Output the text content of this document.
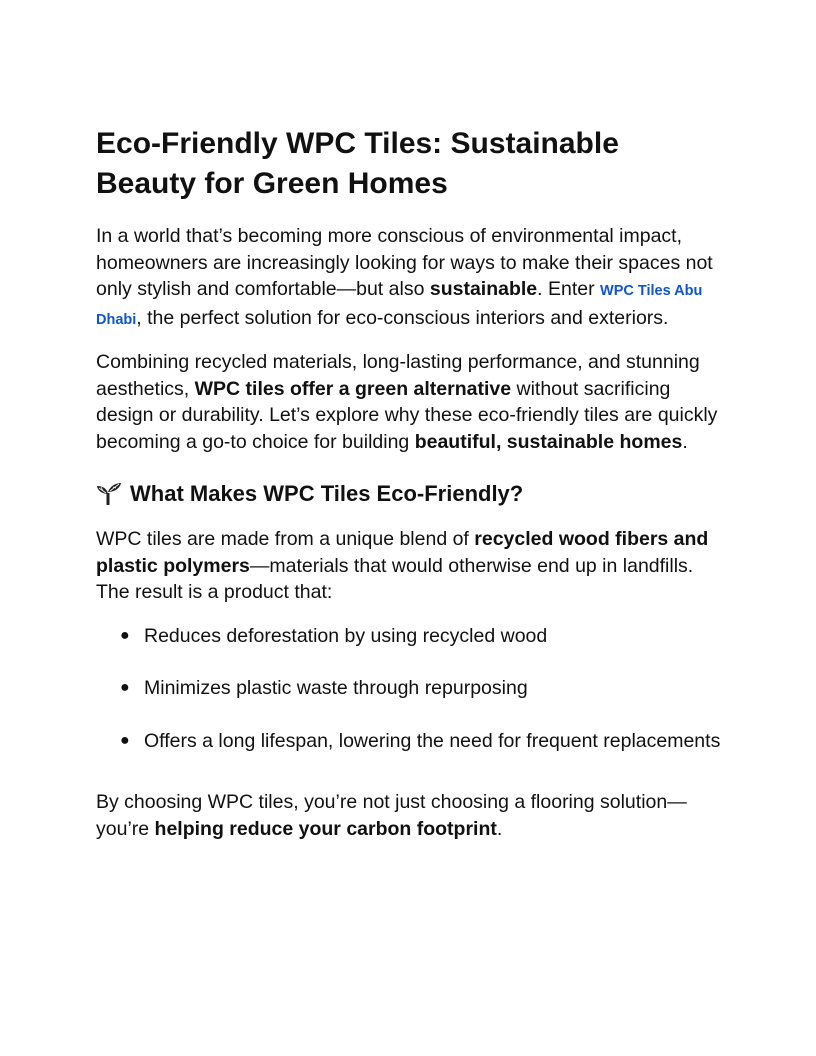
Eco-Friendly WPC Tiles: Sustainable Beauty for Green Homes

In a world that’s becoming more conscious of environmental impact, homeowners are increasingly looking for ways to make their spaces not only stylish and comfortable—but also sustainable. Enter WPC Tiles Abu Dhabi, the perfect solution for eco-conscious interiors and exteriors.

Combining recycled materials, long-lasting performance, and stunning aesthetics, WPC tiles offer a green alternative without sacrificing design or durability. Let’s explore why these eco-friendly tiles are quickly becoming a go-to choice for building beautiful, sustainable homes.

What Makes WPC Tiles Eco-Friendly?

WPC tiles are made from a unique blend of recycled wood fibers and plastic polymers—materials that would otherwise end up in landfills. The result is a product that:

● Reduces deforestation by using recycled wood
● Minimizes plastic waste through repurposing
● Offers a long lifespan, lowering the need for frequent replacements

By choosing WPC tiles, you’re not just choosing a flooring solution—you’re helping reduce your carbon footprint.
